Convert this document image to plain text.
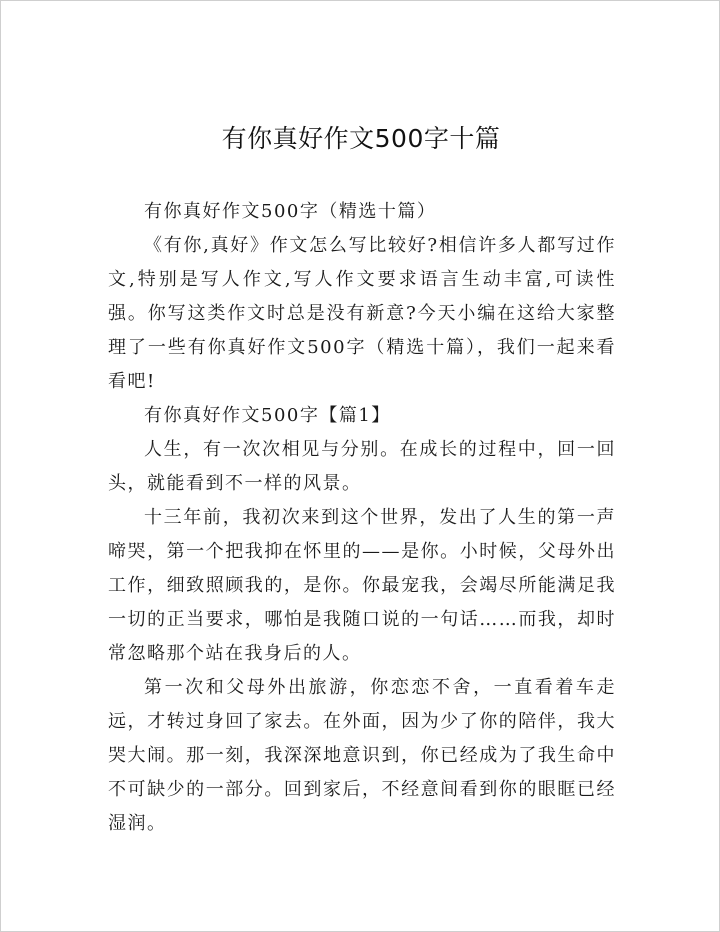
有你真好作文500字十篇

有你真好作文500字（精选十篇）

《有你,真好》作文怎么写比较好?相信许多人都写过作文,特别是写人作文,写人作文要求语言生动丰富,可读性强。你写这类作文时总是没有新意?今天小编在这给大家整理了一些有你真好作文500字（精选十篇），我们一起来看看吧!

有你真好作文500字【篇1】

人生，有一次次相见与分别。在成长的过程中，回一回头，就能看到不一样的风景。

十三年前，我初次来到这个世界，发出了人生的第一声啼哭，第一个把我抑在怀里的——是你。小时候，父母外出工作，细致照顾我的，是你。你最宠我，会竭尽所能满足我一切的正当要求，哪怕是我随口说的一句话……而我，却时常忽略那个站在我身后的人。

第一次和父母外出旅游，你恋恋不舍，一直看着车走远，才转过身回了家去。在外面，因为少了你的陪伴，我大哭大闹。那一刻，我深深地意识到，你已经成为了我生命中不可缺少的一部分。回到家后，不经意间看到你的眼眶已经湿润。
